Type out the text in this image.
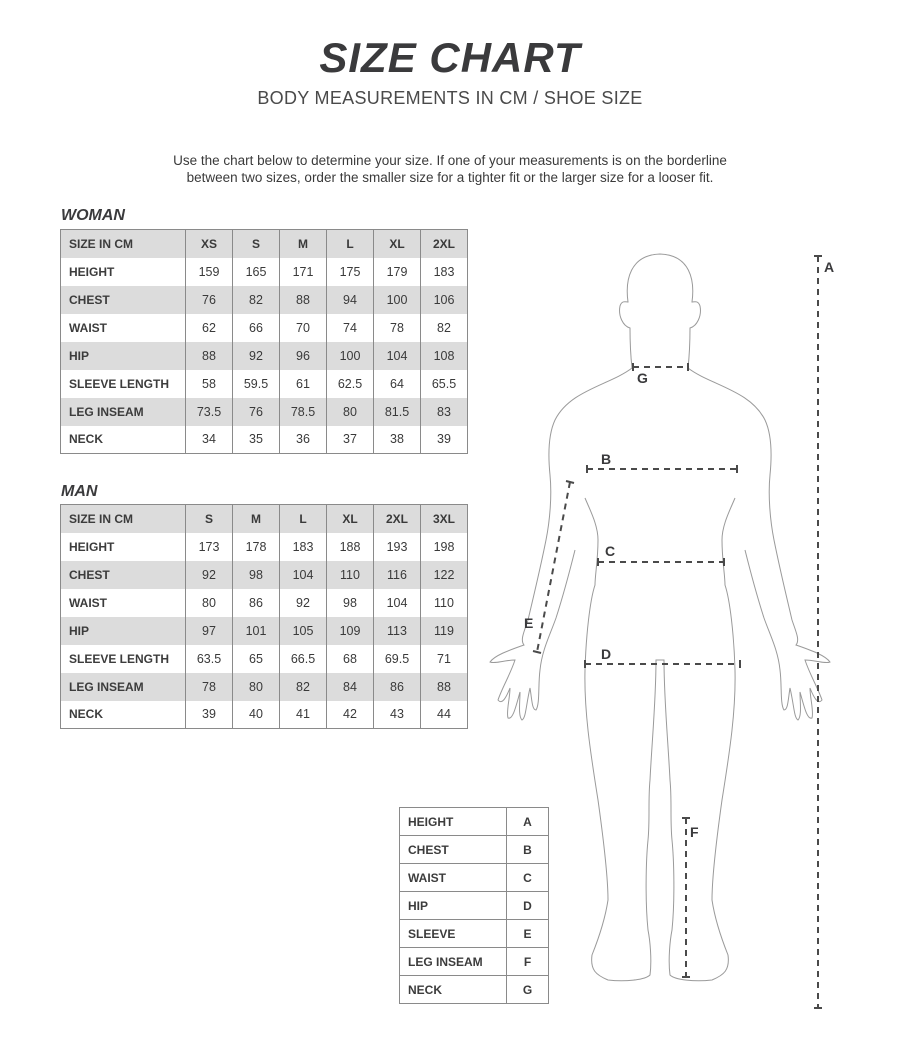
SIZE CHART
BODY MEASUREMENTS IN CM / SHOE SIZE
Use the chart below to determine your size. If one of your measurements is on the borderline
between two sizes, order the smaller size for a tighter fit or the larger size for a looser fit.
WOMAN
SIZE IN CM	XS	S	M	L	XL	2XL
HEIGHT	159	165	171	175	179	183
CHEST	76	82	88	94	100	106
WAIST	62	66	70	74	78	82
HIP	88	92	96	100	104	108
SLEEVE LENGTH	58	59.5	61	62.5	64	65.5
LEG INSEAM	73.5	76	78.5	80	81.5	83
NECK	34	35	36	37	38	39
MAN
SIZE IN CM	S	M	L	XL	2XL	3XL
HEIGHT	173	178	183	188	193	198
CHEST	92	98	104	110	116	122
WAIST	80	86	92	98	104	110
HIP	97	101	105	109	113	119
SLEEVE LENGTH	63.5	65	66.5	68	69.5	71
LEG INSEAM	78	80	82	84	86	88
NECK	39	40	41	42	43	44
HEIGHT	A
CHEST	B
WAIST	C
HIP	D
SLEEVE	E
LEG INSEAM	F
NECK	G
A
B
C
D
E
F
G
